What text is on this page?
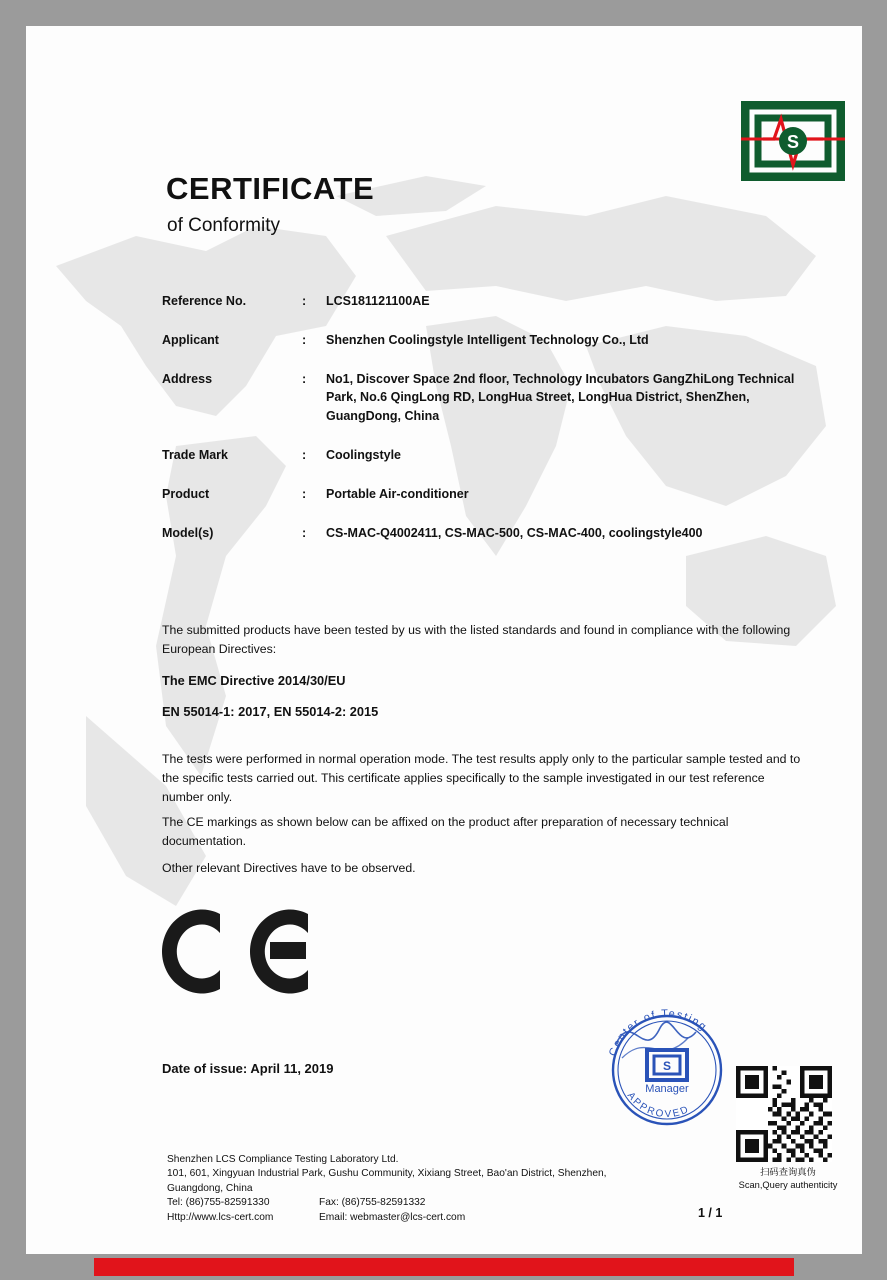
S
CERTIFICATE
of Conformity
Reference No.	:	LCS181121100AE
Applicant	:	Shenzhen Coolingstyle Intelligent Technology Co., Ltd
Address	:	No1, Discover Space 2nd floor, Technology Incubators GangZhiLong Technical Park, No.6 QingLong RD, LongHua Street, LongHua District, ShenZhen, GuangDong, China
Trade Mark	:	Coolingstyle
Product	:	Portable Air-conditioner
Model(s)	:	CS-MAC-Q4002411, CS-MAC-500, CS-MAC-400, coolingstyle400
The submitted products have been tested by us with the listed standards and found in compliance with the following European Directives:
The EMC Directive 2014/30/EU
EN 55014-1: 2017, EN 55014-2: 2015
The tests were performed in normal operation mode. The test results apply only to the particular sample tested and to the specific tests carried out. This certificate applies specifically to the sample investigated in our test reference number only.
The CE markings as shown below can be affixed on the product after preparation of necessary technical documentation.
Other relevant Directives have to be observed.
Date of issue: April 11, 2019
Center of Testing
APPROVED
S
Manager
扫码查询真伪
Scan,Query authenticity
Shenzhen LCS Compliance Testing Laboratory Ltd.
101, 601, Xingyuan Industrial Park, Gushu Community, Xixiang Street, Bao'an District, Shenzhen,
Guangdong, China
Tel: (86)755-82591330	Fax: (86)755-82591332
Http://www.lcs-cert.com	Email: webmaster@lcs-cert.com	1 / 1
